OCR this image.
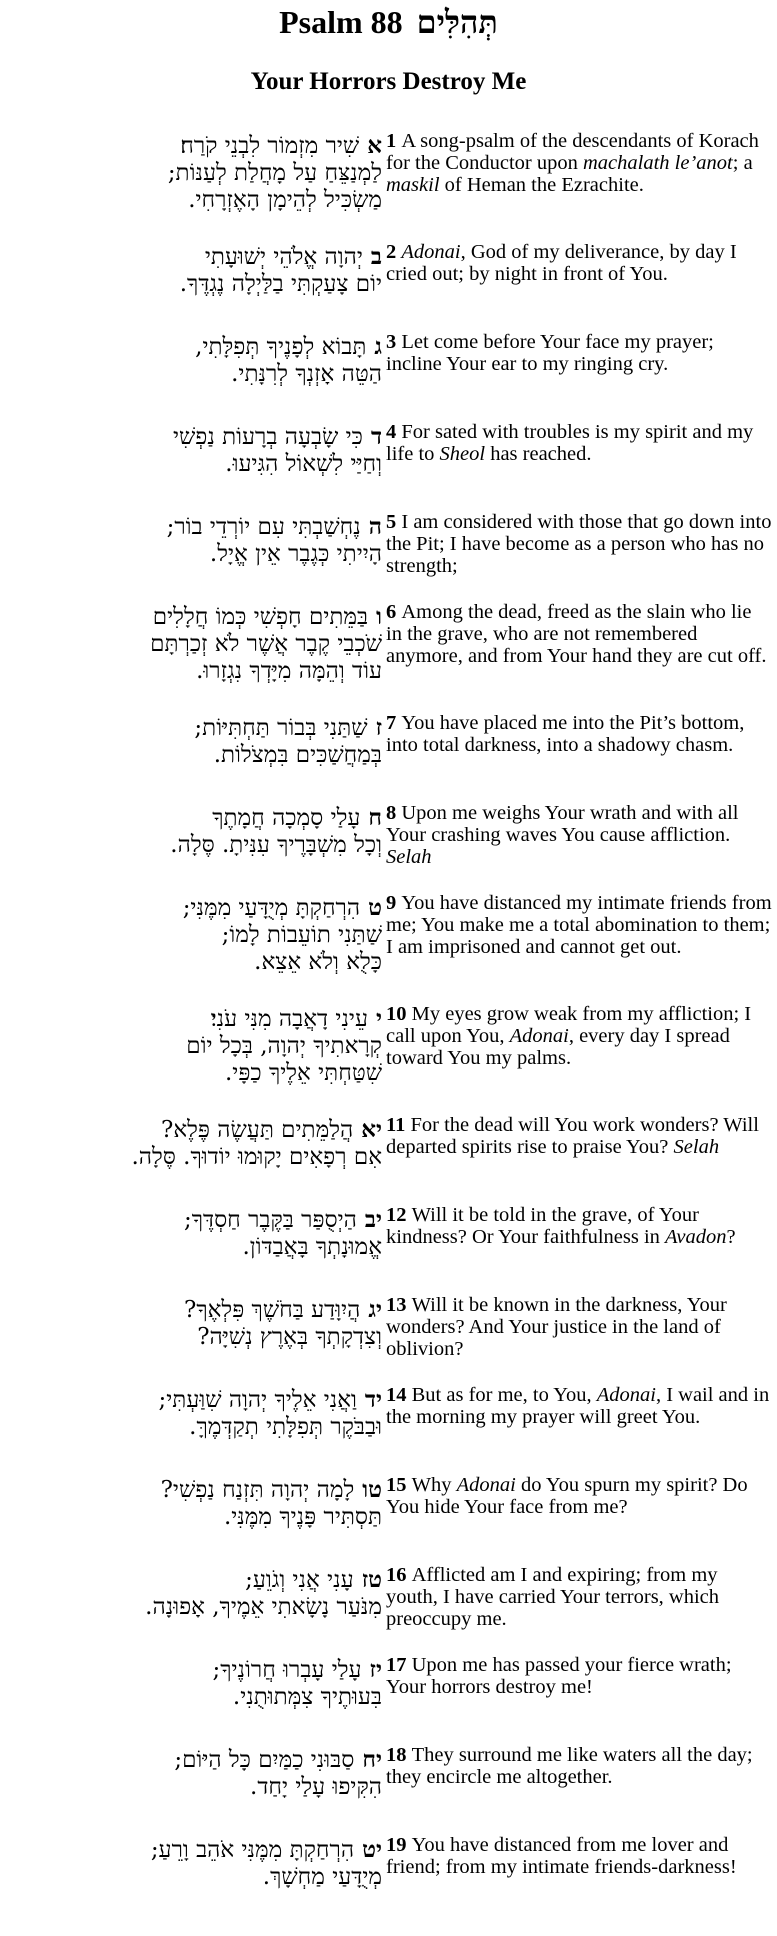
Psalm 88 תְּהִלִּים
Your Horrors Destroy Me
אשִׁיר מִזְמוֹר לִבְנֵי קֹרַח׃
לַמְנַצֵּחַ עַל מָחֲלַת לְעַנּוֹת;
מַשְׂכִּיל לְהֵימָן הָאֶזְרָחִי.
1 A song-psalm of the descendants of Korach for the Conductor upon machalath le’anot; a maskil of Heman the Ezrachite.
ביְהוָה אֱלֹהֵי יְשׁוּעָתִי
יוֹם צָעַקְתִּי בַלַּיְלָה נֶגְדֶּךָ.
2 Adonai, God of my deliverance, by day I cried out; by night in front of You.
גתָּבוֹא לְפָנֶיךָ תְּפִלָּתִי,
הַטֵּה אָזְנְךָ לְרִנָּתִי.
3 Let come before Your face my prayer; incline Your ear to my ringing cry.
דכִּי שָׂבְעָה בְרָעוֹת נַפְשִׁי
וְחַיַּי לִשְׁאוֹל הִגִּיעוּ.
4 For sated with troubles is my spirit and my life to Sheol has reached.
הנֶחְשַׁבְתִּי עִם יוֹרְדֵי בוֹר;
הָיִיתִי כְּגֶבֶר אֵין אֱיָל.
5 I am considered with those that go down into the Pit; I have become as a person who has no strength;
ובַּמֵּתִים חָפְשִׁי כְּמוֹ חֲלָלִים
שֹׁכְבֵי קֶבֶר אֲשֶׁר לֹא זְכַרְתָּם
עוֹד וְהֵמָּה מִיָּדְךָ נִגְזָרוּ.
6 Among the dead, freed as the slain who lie in the grave, who are not remembered anymore, and from Your hand they are cut off.
זשַׁתַּנִי בְּבוֹר תַּחְתִּיּוֹת;
בְּמַחֲשַׁכִּים בִּמְצֹלוֹת.
7 You have placed me into the Pit’s bottom, into total darkness, into a shadowy chasm.
חעָלַי סָמְכָה חֲמָתֶךָ
וְכָל מִשְׁבָּרֶיךָ עִנִּיתָ. סֶּלָה.
8 Upon me weighs Your wrath and with all Your crashing waves You cause affliction. Selah
טהִרְחַקְתָּ מְיֻדָּעַי מִמֶּנִּי;
שַׁתַּנִי תוֹעֵבוֹת לָמוֹ;
כָּלֻא וְלֹא אֵצֵא.
9 You have distanced my intimate friends from me; You make me a total abomination to them; I am imprisoned and cannot get out.
יעֵינִי דָאֲבָה מִנִּי עֹנִי׃
קְרָאתִיךָ יְהוָה, בְּכָל יוֹם
שִׁטַּחְתִּי אֵלֶיךָ כַפָּי.
10 My eyes grow weak from my affliction; I call upon You, Adonai, every day I spread toward You my palms.
יאהֲלַמֵּתִים תַּעֲשֶׂה פֶּלֶא?
אִם רְפָאִים יָקוּמוּ יוֹדוּךָ. סֶּלָה.
11 For the dead will You work wonders? Will departed spirits rise to praise You? Selah
יבהַיְסֻפַּר בַּקֶּבֶר חַסְדֶּךָ;
אֱמוּנָתְךָ בָּאֲבַדּוֹן.
12 Will it be told in the grave, of Your kindness? Or Your faithfulness in Avadon?
יגהֲיִוָּדַע בַּחֹשֶׁךְ פִּלְאֶךָ?
וְצִדְקָתְךָ בְּאֶרֶץ נְשִׁיָּה?
13 Will it be known in the darkness, Your wonders? And Your justice in the land of oblivion?
ידוַאֲנִי אֵלֶיךָ יְהוָה שִׁוַּעְתִּי;
וּבַבֹּקֶר תְּפִלָּתִי תְקַדְּמֶךָּ.
14 But as for me, to You, Adonai, I wail and in the morning my prayer will greet You.
טולָמָה יְהוָה תִּזְנַח נַפְשִׁי?
תַּסְתִּיר פָּנֶיךָ מִמֶּנִּי.
15 Why Adonai do You spurn my spirit? Do You hide Your face from me?
טזעָנִי אֲנִי וְגֹוֵעַ;
מִנֹּעַר נָשָׂאתִי אֵמֶיךָ, אָפוּנָה.
16 Afflicted am I and expiring; from my youth, I have carried Your terrors, which preoccupy me.
יזעָלַי עָבְרוּ חֲרוֹנֶיךָ;
בִּעוּתֶיךָ צִמְּתוּתֻנִי.
17 Upon me has passed your fierce wrath; Your horrors destroy me!
יחסַבּוּנִי כַמַּיִם כָּל הַיּוֹם;
הִקִּיפוּ עָלַי יָחַד.
18 They surround me like waters all the day; they encircle me altogether.
יטהִרְחַקְתָּ מִמֶּנִּי אֹהֵב וָרֵעַ;
מְיֻדָּעַי מַחְשָׁךְ.
19 You have distanced from me lover and friend; from my intimate friends-darkness!
